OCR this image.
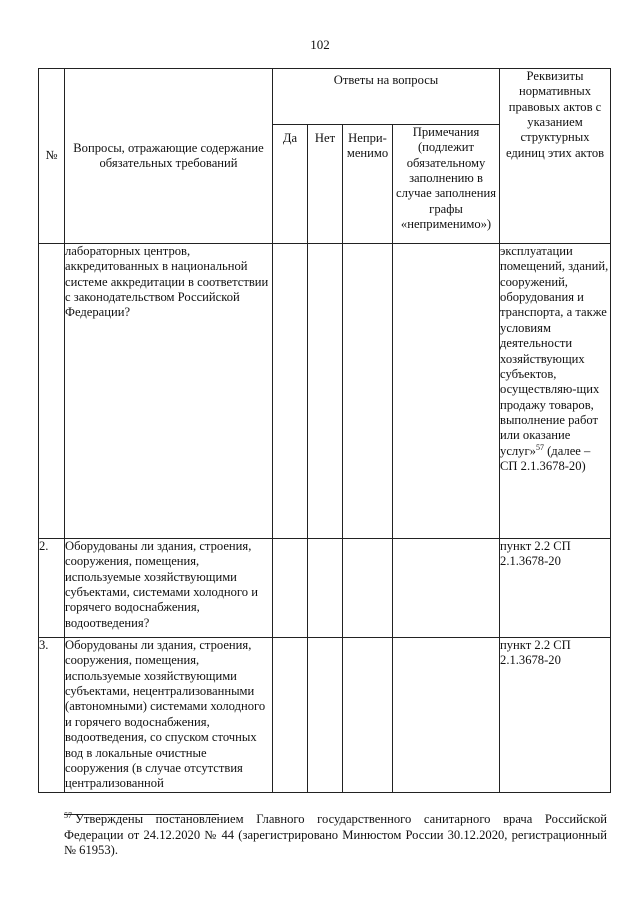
102
№	Вопросы, отражающие содержание обязательных требований	Ответы на вопросы				Реквизиты нормативных правовых актов с указанием структурных единиц этих актов
		Да	Нет	Непри-менимо	Примечания (подлежит обязательному заполнению в случае заполнения графы «неприменимо»)	
	лабораторных центров, аккредитованных в национальной системе аккредитации в соответствии с законодательством Российской Федерации?					эксплуатации помещений, зданий, сооружений, оборудования и транспорта, а также условиям деятельности хозяйствующих субъектов, осуществляю-щих продажу товаров, выполнение работ или оказание услуг»$^{57}$ (далее – СП 2.1.3678-20)
2.	Оборудованы ли здания, строения, сооружения, помещения, используемые хозяйствующими субъектами, системами холодного и горячего водоснабжения, водоотведения?					пункт 2.2 СП 2.1.3678-20
3.	Оборудованы ли здания, строения, сооружения, помещения, используемые хозяйствующими субъектами, нецентрализованными (автономными) системами холодного и горячего водоснабжения, водоотведения, со спуском сточных вод в локальные очистные сооружения (в случае отсутствия централизованной					пункт 2.2 СП 2.1.3678-20
$^{57}$ Утверждены постановлением Главного государственного санитарного врача Российской Федерации от 24.12.2020 № 44 (зарегистрировано Минюстом России 30.12.2020, регистрационный № 61953).
